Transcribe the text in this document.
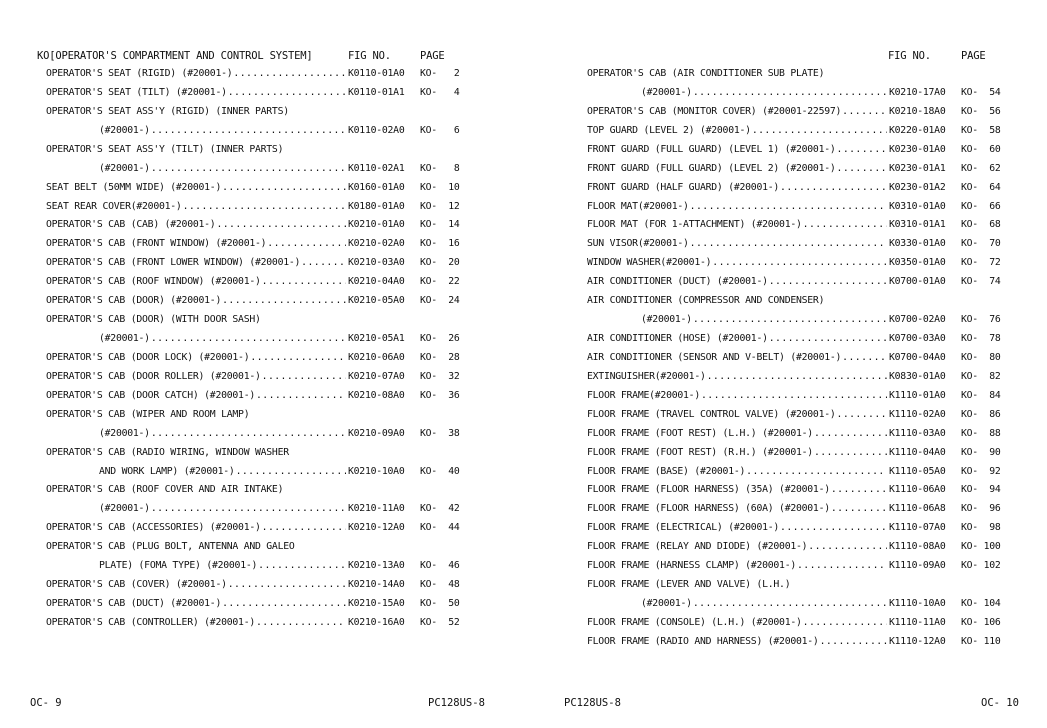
KO[OPERATOR'S COMPARTMENT AND CONTROL SYSTEM]	FIG NO.	PAGE
OPERATOR'S SEAT (RIGID) (#20001-) .....	K0110-01A0 KO-   2
OPERATOR'S SEAT (TILT) (#20001-) .....	K0110-01A1 KO-   4
OPERATOR'S SEAT ASS'Y (RIGID) (INNER PARTS)
(#20001-) .....	K0110-02A0 KO-   6
OPERATOR'S SEAT ASS'Y (TILT) (INNER PARTS)
(#20001-) .....	K0110-02A1 KO-   8
SEAT BELT (50MM WIDE) (#20001-) .....	K0160-01A0 KO-  10
SEAT REAR COVER(#20001-) .....	K0180-01A0 KO-  12
OPERATOR'S CAB (CAB) (#20001-) .....	K0210-01A0 KO-  14
OPERATOR'S CAB (FRONT WINDOW) (#20001-) .....	K0210-02A0 KO-  16
OPERATOR'S CAB (FRONT LOWER WINDOW) (#20001-) .....	K0210-03A0 KO-  20
OPERATOR'S CAB (ROOF WINDOW) (#20001-) .....	K0210-04A0 KO-  22
OPERATOR'S CAB (DOOR) (#20001-) .....	K0210-05A0 KO-  24
OPERATOR'S CAB (DOOR) (WITH DOOR SASH)
(#20001-) .....	K0210-05A1 KO-  26
OPERATOR'S CAB (DOOR LOCK) (#20001-) .....	K0210-06A0 KO-  28
OPERATOR'S CAB (DOOR ROLLER) (#20001-) .....	K0210-07A0 KO-  32
OPERATOR'S CAB (DOOR CATCH) (#20001-) .....	K0210-08A0 KO-  36
OPERATOR'S CAB (WIPER AND ROOM LAMP)
(#20001-) .....	K0210-09A0 KO-  38
OPERATOR'S CAB (RADIO WIRING, WINDOW WASHER
AND WORK LAMP) (#20001-) .....	K0210-10A0 KO-  40
OPERATOR'S CAB (ROOF COVER AND AIR INTAKE)
(#20001-) .....	K0210-11A0 KO-  42
OPERATOR'S CAB (ACCESSORIES) (#20001-) .....	K0210-12A0 KO-  44
OPERATOR'S CAB (PLUG BOLT, ANTENNA AND GALEO
PLATE) (FOMA TYPE) (#20001-) .....	K0210-13A0 KO-  46
OPERATOR'S CAB (COVER) (#20001-) .....	K0210-14A0 KO-  48
OPERATOR'S CAB (DUCT) (#20001-) .....	K0210-15A0 KO-  50
OPERATOR'S CAB (CONTROLLER) (#20001-) .....	K0210-16A0 KO-  52
OC- 9	PC128US-8
FIG NO.	PAGE
OPERATOR'S CAB (AIR CONDITIONER SUB PLATE)
(#20001-) .....	K0210-17A0 KO-  54
OPERATOR'S CAB (MONITOR COVER) (#20001-22597) .....	K0210-18A0 KO-  56
TOP GUARD (LEVEL 2) (#20001-) .....	K0220-01A0 KO-  58
FRONT GUARD (FULL GUARD) (LEVEL 1) (#20001-) .....	K0230-01A0 KO-  60
FRONT GUARD (FULL GUARD) (LEVEL 2) (#20001-) .....	K0230-01A1 KO-  62
FRONT GUARD (HALF GUARD) (#20001-) .....	K0230-01A2 KO-  64
FLOOR MAT(#20001-) .....	K0310-01A0 KO-  66
FLOOR MAT (FOR 1-ATTACHMENT) (#20001-) .....	K0310-01A1 KO-  68
SUN VISOR(#20001-) .....	K0330-01A0 KO-  70
WINDOW WASHER(#20001-) .....	K0350-01A0 KO-  72
AIR CONDITIONER (DUCT) (#20001-) .....	K0700-01A0 KO-  74
AIR CONDITIONER (COMPRESSOR AND CONDENSER)
(#20001-) .....	K0700-02A0 KO-  76
AIR CONDITIONER (HOSE) (#20001-) .....	K0700-03A0 KO-  78
AIR CONDITIONER (SENSOR AND V-BELT) (#20001-) .....	K0700-04A0 KO-  80
EXTINGUISHER(#20001-) .....	K0830-01A0 KO-  82
FLOOR FRAME(#20001-) .....	K1110-01A0 KO-  84
FLOOR FRAME (TRAVEL CONTROL VALVE) (#20001-) .....	K1110-02A0 KO-  86
FLOOR FRAME (FOOT REST) (L.H.) (#20001-) .....	K1110-03A0 KO-  88
FLOOR FRAME (FOOT REST) (R.H.) (#20001-) .....	K1110-04A0 KO-  90
FLOOR FRAME (BASE) (#20001-) .....	K1110-05A0 KO-  92
FLOOR FRAME (FLOOR HARNESS) (35A) (#20001-) .....	K1110-06A0 KO-  94
FLOOR FRAME (FLOOR HARNESS) (60A) (#20001-) .....	K1110-06A8 KO-  96
FLOOR FRAME (ELECTRICAL) (#20001-) .....	K1110-07A0 KO-  98
FLOOR FRAME (RELAY AND DIODE) (#20001-) .....	K1110-08A0 KO- 100
FLOOR FRAME (HARNESS CLAMP) (#20001-) .....	K1110-09A0 KO- 102
FLOOR FRAME (LEVER AND VALVE) (L.H.)
(#20001-) .....	K1110-10A0 KO- 104
FLOOR FRAME (CONSOLE) (L.H.) (#20001-) .....	K1110-11A0 KO- 106
FLOOR FRAME (RADIO AND HARNESS) (#20001-) .....	K1110-12A0 KO- 110
PC128US-8	OC- 10
